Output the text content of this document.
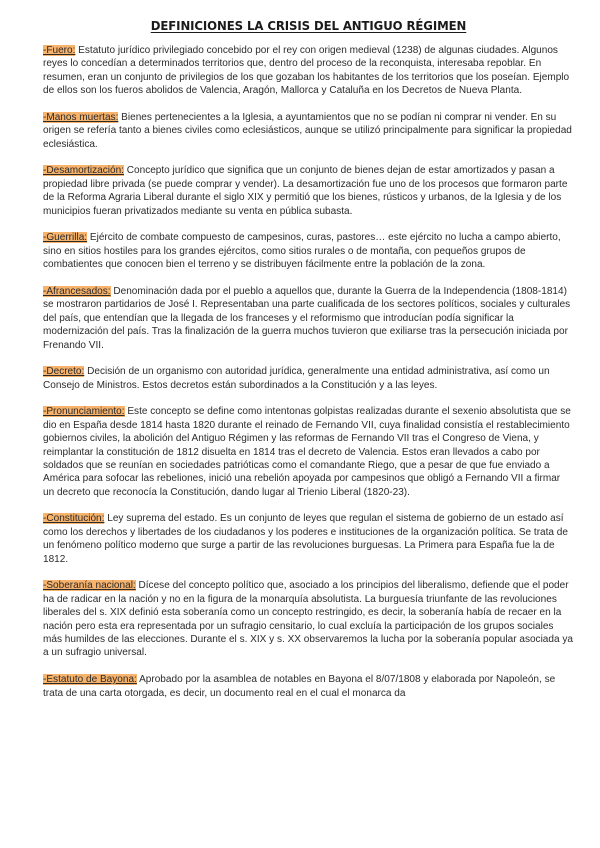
DEFINICIONES LA CRISIS DEL ANTIGUO RÉGIMEN
-Fuero: Estatuto jurídico privilegiado concebido por el rey con origen medieval (1238) de algunas ciudades. Algunos reyes lo concedían a determinados territorios que, dentro del proceso de la reconquista, interesaba repoblar. En resumen, eran un conjunto de privilegios de los que gozaban los habitantes de los territorios que los poseían. Ejemplo de ellos son los fueros abolidos de Valencia, Aragón, Mallorca y Cataluña en los Decretos de Nueva Planta.
-Manos muertas: Bienes pertenecientes a la Iglesia, a ayuntamientos que no se podían ni comprar ni vender. En su origen se refería tanto a bienes civiles como eclesiásticos, aunque se utilizó principalmente para significar la propiedad eclesiástica.
-Desamortización: Concepto jurídico que significa que un conjunto de bienes dejan de estar amortizados y pasan a propiedad libre privada (se puede comprar y vender). La desamortización fue uno de los procesos que formaron parte de la Reforma Agraria Liberal durante el siglo XIX y permitió que los bienes, rústicos y urbanos, de la Iglesia y de los municipios fueran privatizados mediante su venta en pública subasta.
-Guerrilla: Ejército de combate compuesto de campesinos, curas, pastores… este ejército no lucha a campo abierto, sino en sitios hostiles para los grandes ejércitos, como sitios rurales o de montaña, con pequeños grupos de combatientes que conocen bien el terreno y se distribuyen fácilmente entre la población de la zona.
-Afrancesados: Denominación dada por el pueblo a aquellos que, durante la Guerra de la Independencia (1808-1814) se mostraron partidarios de José I. Representaban una parte cualificada de los sectores políticos, sociales y culturales del país, que entendían que la llegada de los franceses y el reformismo que introducían podía significar la modernización del país. Tras la finalización de la guerra muchos tuvieron que exiliarse tras la persecución iniciada por Frenando VII.
-Decreto: Decisión de un organismo con autoridad jurídica, generalmente una entidad administrativa, así como un Consejo de Ministros. Estos decretos están subordinados a la Constitución y a las leyes.
-Pronunciamiento: Este concepto se define como intentonas golpistas realizadas durante el sexenio absolutista que se dio en España desde 1814 hasta 1820 durante el reinado de Fernando VII, cuya finalidad consistía el restablecimiento gobiernos civiles, la abolición del Antiguo Régimen y las reformas de Fernando VII tras el Congreso de Viena, y reimplantar la constitución de 1812 disuelta en 1814 tras el decreto de Valencia. Estos eran llevados a cabo por soldados que se reunían en sociedades patrióticas como el comandante Riego, que a pesar de que fue enviado a América para sofocar las rebeliones, inició una rebelión apoyada por campesinos que obligó a Fernando VII a firmar un decreto que reconocía la Constitución, dando lugar al Trienio Liberal (1820-23).
-Constitución: Ley suprema del estado. Es un conjunto de leyes que regulan el sistema de gobierno de un estado así como los derechos y libertades de los ciudadanos y los poderes e instituciones de la organización política. Se trata de un fenómeno político moderno que surge a partir de las revoluciones burguesas. La Primera para España fue la de 1812.
-Soberanía nacional: Dícese del concepto político que, asociado a los principios del liberalismo, defiende que el poder ha de radicar en la nación y no en la figura de la monarquía absolutista. La burguesía triunfante de las revoluciones liberales del s. XIX definió esta soberanía como un concepto restringido, es decir, la soberanía había de recaer en la nación pero esta era representada por un sufragio censitario, lo cual excluía la participación de los grupos sociales más humildes de las elecciones. Durante el s. XIX y s. XX observaremos la lucha por la soberanía popular asociada ya a un sufragio universal.
-Estatuto de Bayona: Aprobado por la asamblea de notables en Bayona el 8/07/1808 y elaborada por Napoleón, se trata de una carta otorgada, es decir, un documento real en el cual el monarca da
